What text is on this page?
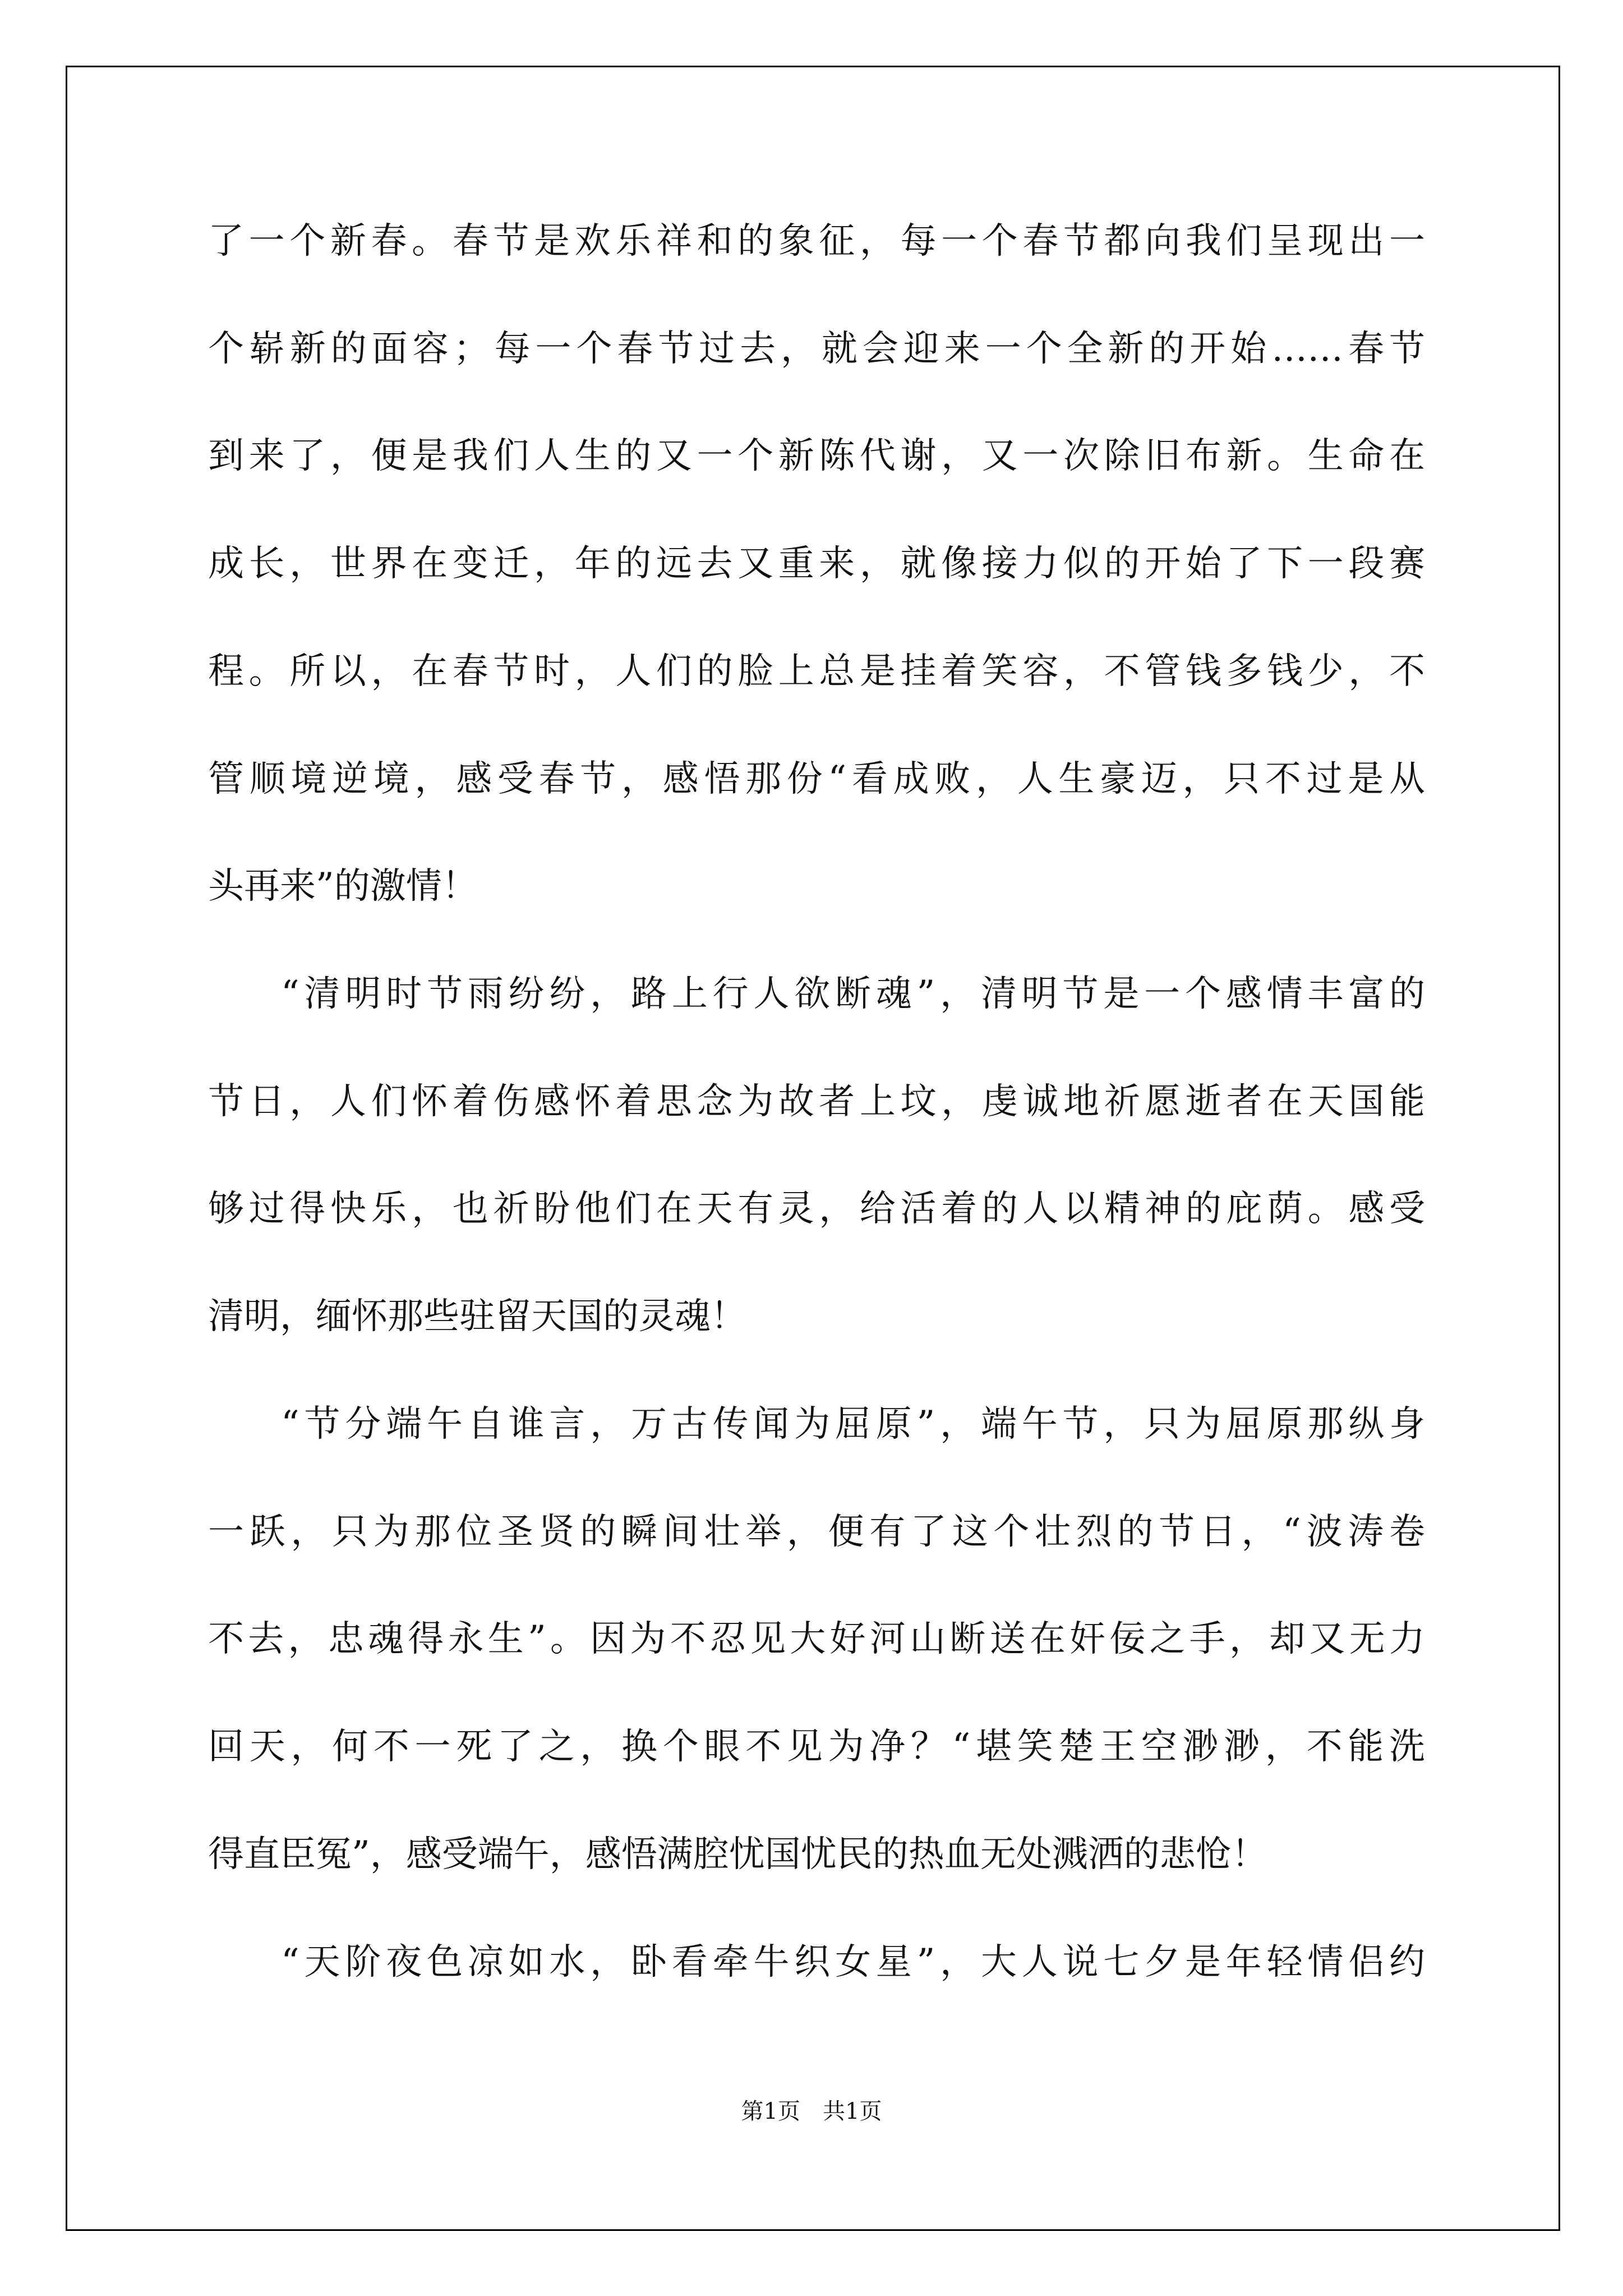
了一个新春。春节是欢乐祥和的象征，每一个春节都向我们呈现出一
个崭新的面容；每一个春节过去，就会迎来一个全新的开始……春节
到来了，便是我们人生的又一个新陈代谢，又一次除旧布新。生命在
成长，世界在变迁，年的远去又重来，就像接力似的开始了下一段赛
程。所以，在春节时，人们的脸上总是挂着笑容，不管钱多钱少，不
管顺境逆境，感受春节，感悟那份“看成败，人生豪迈，只不过是从
头再来”的激情！
“清明时节雨纷纷，路上行人欲断魂”，清明节是一个感情丰富的
节日，人们怀着伤感怀着思念为故者上坟，虔诚地祈愿逝者在天国能
够过得快乐，也祈盼他们在天有灵，给活着的人以精神的庇荫。感受
清明，缅怀那些驻留天国的灵魂！
“节分端午自谁言，万古传闻为屈原”，端午节，只为屈原那纵身
一跃，只为那位圣贤的瞬间壮举，便有了这个壮烈的节日，“波涛卷
不去，忠魂得永生”。因为不忍见大好河山断送在奸佞之手，却又无力
回天，何不一死了之，换个眼不见为净？“堪笑楚王空渺渺，不能洗
得直臣冤”，感受端午，感悟满腔忧国忧民的热血无处溅洒的悲怆！
“天阶夜色凉如水，卧看牵牛织女星”，大人说七夕是年轻情侣约
第1页　共1页
